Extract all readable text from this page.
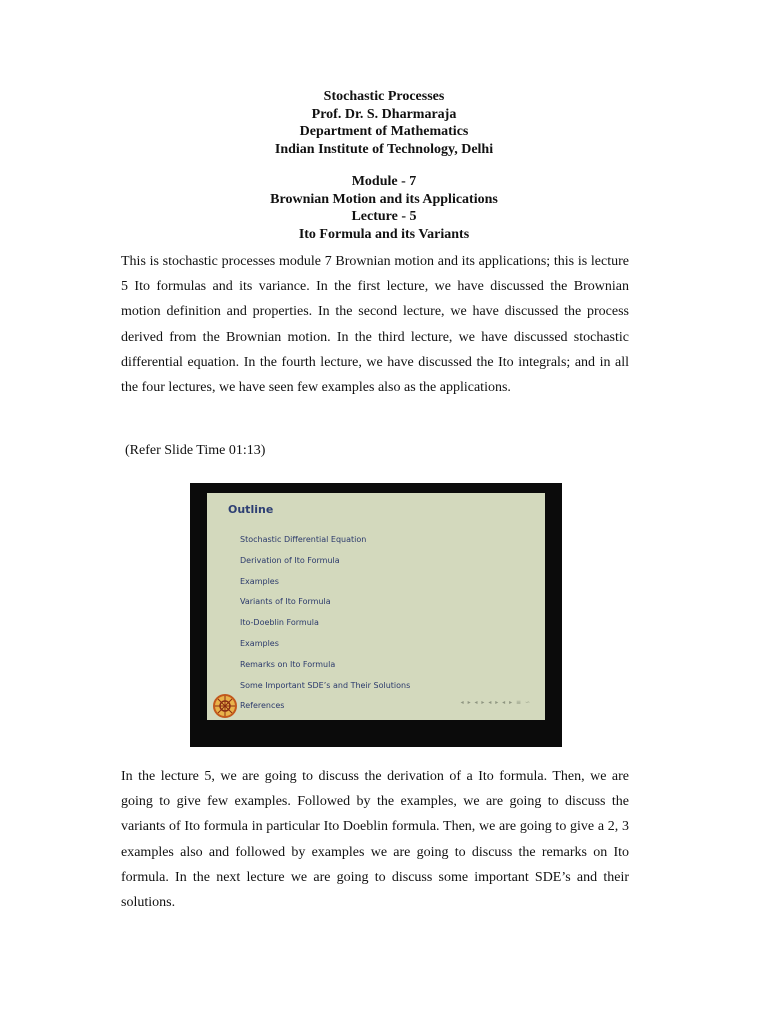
Stochastic Processes
Prof. Dr. S. Dharmaraja
Department of Mathematics
Indian Institute of Technology, Delhi
Module - 7
Brownian Motion and its Applications
Lecture - 5
Ito Formula and its Variants

This is stochastic processes module 7 Brownian motion and its applications; this is lecture 5 Ito formulas and its variance. In the first lecture, we have discussed the Brownian motion definition and properties. In the second lecture, we have discussed the process derived from the Brownian motion. In the third lecture, we have discussed stochastic differential equation. In the fourth lecture, we have discussed the Ito integrals; and in all the four lectures, we have seen few examples also as the applications.

(Refer Slide Time 01:13)
Outline
Stochastic Differential Equation
Derivation of Ito Formula
Examples
Variants of Ito Formula
Ito-Doeblin Formula
Examples
Remarks on Ito Formula
Some Important SDE’s and Their Solutions
References	◂ ▸ ◂ ▸ ◂ ▸ ◂ ▸ ≡ ∽

In the lecture 5, we are going to discuss the derivation of a Ito formula. Then, we are going to give few examples. Followed by the examples, we are going to discuss the variants of Ito formula in particular Ito Doeblin formula. Then, we are going to give a 2, 3 examples also and followed by examples we are going to discuss the remarks on Ito formula. In the next lecture we are going to discuss some important SDE’s and their solutions.
